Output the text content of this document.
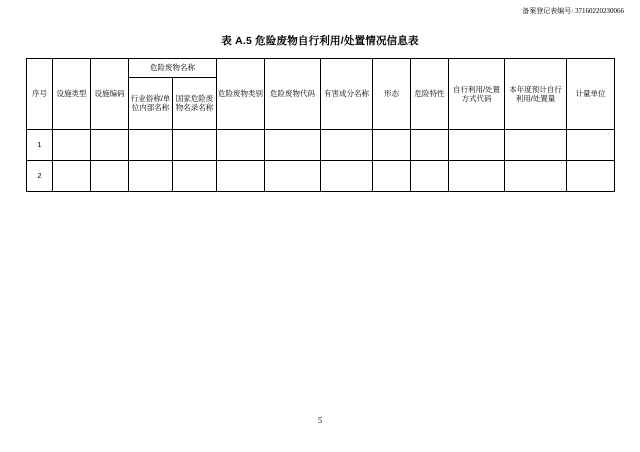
备案登记表编号: 37160220230066
表 A.5 危险废物自行利用/处置情况信息表
序号	设施类型	设施编码	危险废物名称		危险废物类别	危险废物代码	有害成分名称	形态	危险特性	自行利用/处置方式代码	本年度预计自行利用/处置量	计量单位
			行业俗称/单位内部名称	国家危险废物名录名称								
1												
2												
5
